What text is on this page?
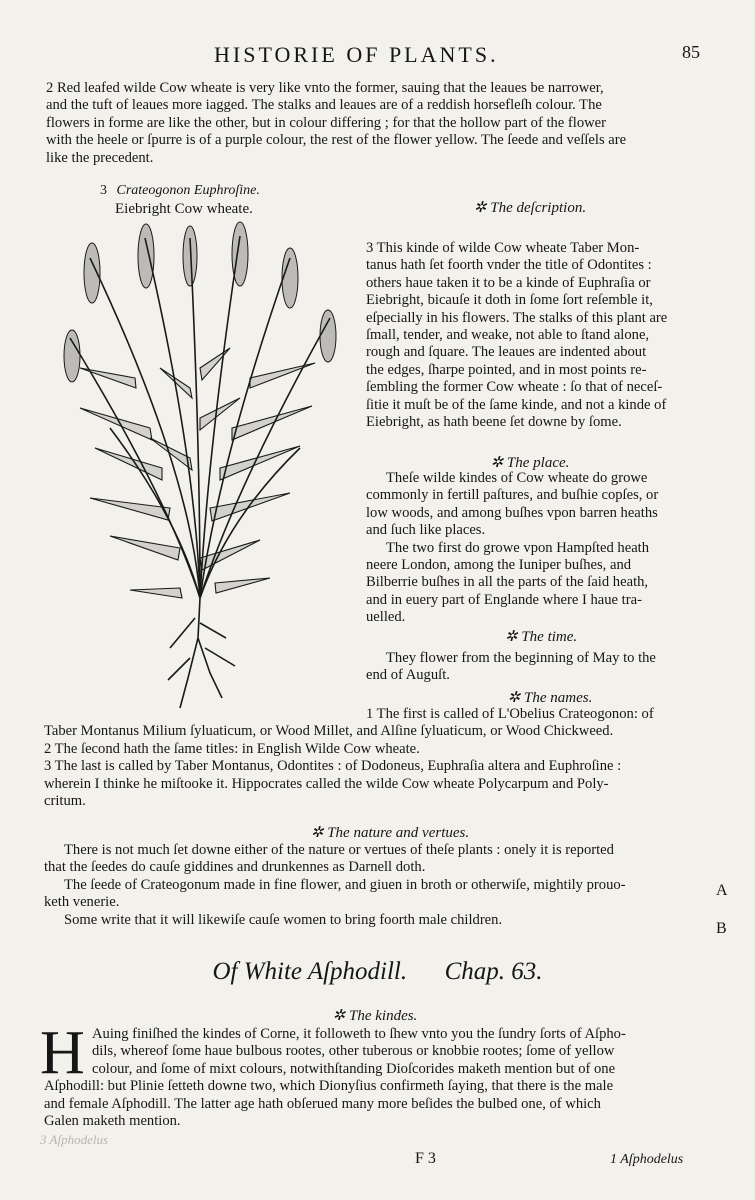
3 Aſphodelus
HISTORIE OF PLANTS.	85
2 Red leafed wilde Cow wheate is very like vnto the former, sauing that the leaues be narrower,
and the tuft of leaues more iagged. The stalks and leaues are of a reddish horsefleſh colour. The
flowers in forme are like the other, but in colour differing ; for that the hollow part of the flower
with the heele or ſpurre is of a purple colour, the rest of the flower yellow. The ſeede and veſſels are
like the precedent.
3 Crateogonon Euphroſine.
Eiebright Cow wheate.	✲ The deſcription.
3 This kinde of wilde Cow wheate Taber Mon-
tanus hath ſet foorth vnder the title of Odontites :
others haue taken it to be a kinde of Euphraſia or
Eiebright, bicauſe it doth in ſome ſort reſemble it,
eſpecially in his flowers. The stalks of this plant are
ſmall, tender, and weake, not able to ſtand alone,
rough and ſquare. The leaues are indented about
the edges, ſharpe pointed, and in most points re-
ſembling the former Cow wheate : ſo that of neceſ-
ſitie it muſt be of the ſame kinde, and not a kinde of
Eiebright, as hath beene ſet downe by ſome.
✲ The place.
Theſe wilde kindes of Cow wheate do growe
commonly in fertill paſtures, and buſhie copſes, or
low woods, and among buſhes vpon barren heaths
and ſuch like places.
The two first do growe vpon Hampſted heath
neere London, among the Iuniper buſhes, and
Bilberrie buſhes in all the parts of the ſaid heath,
and in euery part of Englande where I haue tra-
uelled.
✲ The time.
They flower from the beginning of May to the
end of Auguſt.
✲ The names.
1 The first is called of L'Obelius Crateogonon: of
Taber Montanus Milium ſyluaticum, or Wood Millet, and Alſine ſyluaticum, or Wood Chickweed.
2 The ſecond hath the ſame titles: in English Wilde Cow wheate.
3 The last is called by Taber Montanus, Odontites : of Dodoneus, Euphraſia altera and Euphroſine :
wherein I thinke he miſtooke it. Hippocrates called the wilde Cow wheate Polycarpum and Poly-
critum.
✲ The nature and vertues.
There is not much ſet downe either of the nature or vertues of theſe plants : onely it is reported
that the ſeedes do cauſe giddines and drunkennes as Darnell doth.
The ſeede of Crateogonum made in fine flower, and giuen in broth or otherwiſe, mightily prouo-
keth venerie.
Some write that it will likewiſe cauſe women to bring foorth male children.
A
B
Of White Aſphodill.      Chap. 63.
✲ The kindes.
H Auing finiſhed the kindes of Corne, it followeth to ſhew vnto you the ſundry ſorts of Aſpho-
dils, whereof ſome haue bulbous rootes, other tuberous or knobbie rootes; ſome of yellow
colour, and ſome of mixt colours, notwithſtanding Dioſcorides maketh mention but of one
Aſphodill: but Plinie ſetteth downe two, which Dionyſius confirmeth ſaying, that there is the male
and female Aſphodill. The latter age hath obſerued many more beſides the bulbed one, of which
Galen maketh mention.
F 3	1 Aſphodelus
